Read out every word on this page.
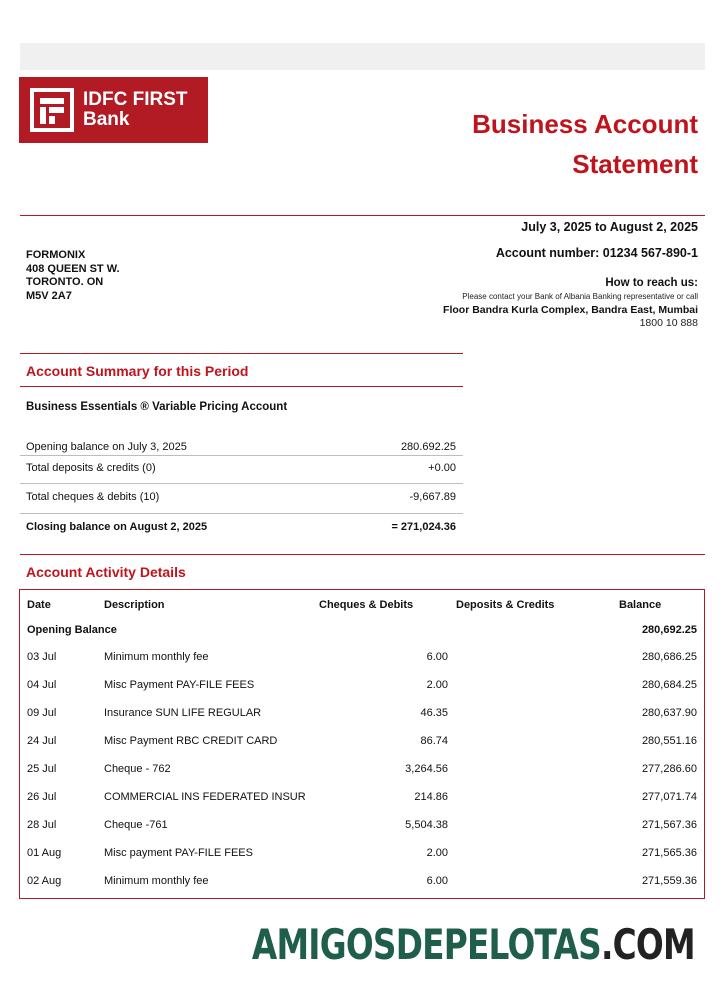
IDFC FIRST
Bank	Business Account
Statement
July 3, 2025 to August 2, 2025
Account number: 01234 567-890-1
FORMONIX
408 QUEEN ST W.
TORONTO. ON
M5V 2A7
How to reach us:
Please contact your Bank of Albania Banking representative or call
Floor Bandra Kurla Complex, Bandra East, Mumbai
1800 10 888
Account Summary for this Period
Business Essentials ® Variable Pricing Account
Opening balance on July 3, 2025	280.692.25
Total deposits & credits (0)	+0.00
Total cheques & debits (10)	-9,667.89
Closing balance on August 2, 2025	= 271,024.36
Account Activity Details
Date	Description	Cheques & Debits	Deposits & Credits	Balance
Opening Balance				280,692.25
03 Jul	Minimum monthly fee	6.00		280,686.25
04 Jul	Misc Payment PAY-FILE FEES	2.00		280,684.25
09 Jul	Insurance SUN LIFE REGULAR	46.35		280,637.90
24 Jul	Misc Payment RBC CREDIT CARD	86.74		280,551.16
25 Jul	Cheque - 762	3,264.56		277,286.60
26 Jul	COMMERCIAL INS FEDERATED INSUR	214.86		277,071.74
28 Jul	Cheque -761	5,504.38		271,567.36
01 Aug	Misc payment PAY-FILE FEES	2.00		271,565.36
02 Aug	Minimum monthly fee	6.00		271,559.36
AMIGOSDEPELOTAS.COM
